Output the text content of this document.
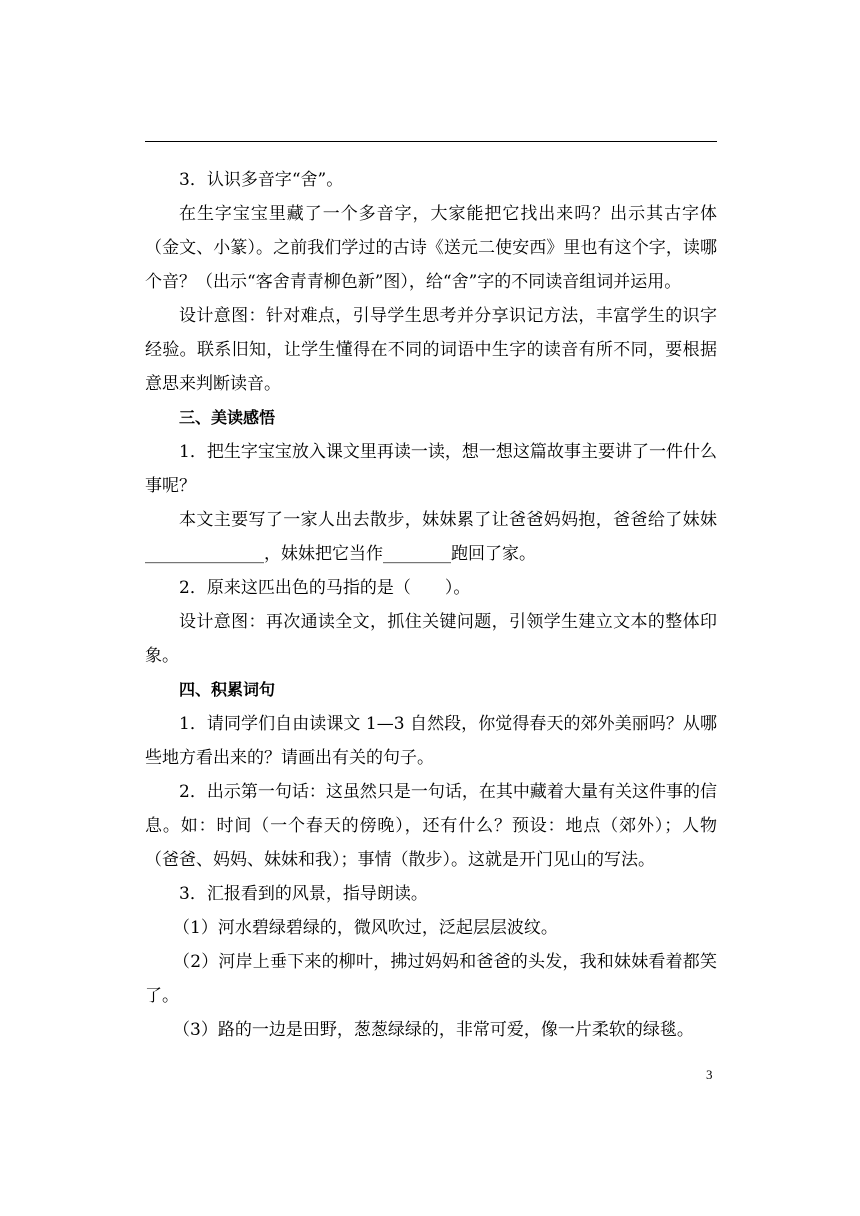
3．认识多音字“舍”。

在生字宝宝里藏了一个多音字，大家能把它找出来吗？出示其古字体（金文、小篆）。之前我们学过的古诗《送元二使安西》里也有这个字，读哪个音？（出示“客舍青青柳色新”图），给“舍”字的不同读音组词并运用。

设计意图：针对难点，引导学生思考并分享识记方法，丰富学生的识字经验。联系旧知，让学生懂得在不同的词语中生字的读音有所不同，要根据意思来判断读音。

三、美读感悟

1．把生字宝宝放入课文里再读一读，想一想这篇故事主要讲了一件什么事呢？

本文主要写了一家人出去散步，妹妹累了让爸爸妈妈抱，爸爸给了妹妹______________，妹妹把它当作________跑回了家。

2．原来这匹出色的马指的是（　　）。

设计意图：再次通读全文，抓住关键问题，引领学生建立文本的整体印象。

四、积累词句

1．请同学们自由读课文 1—3 自然段，你觉得春天的郊外美丽吗？从哪些地方看出来的？请画出有关的句子。

2．出示第一句话：这虽然只是一句话，在其中藏着大量有关这件事的信息。如：时间（一个春天的傍晚），还有什么？预设：地点（郊外）；人物（爸爸、妈妈、妹妹和我）；事情（散步）。这就是开门见山的写法。

3．汇报看到的风景，指导朗读。

（1）河水碧绿碧绿的，微风吹过，泛起层层波纹。

（2）河岸上垂下来的柳叶，拂过妈妈和爸爸的头发，我和妹妹看着都笑了。

（3）路的一边是田野，葱葱绿绿的，非常可爱，像一片柔软的绿毯。

3
